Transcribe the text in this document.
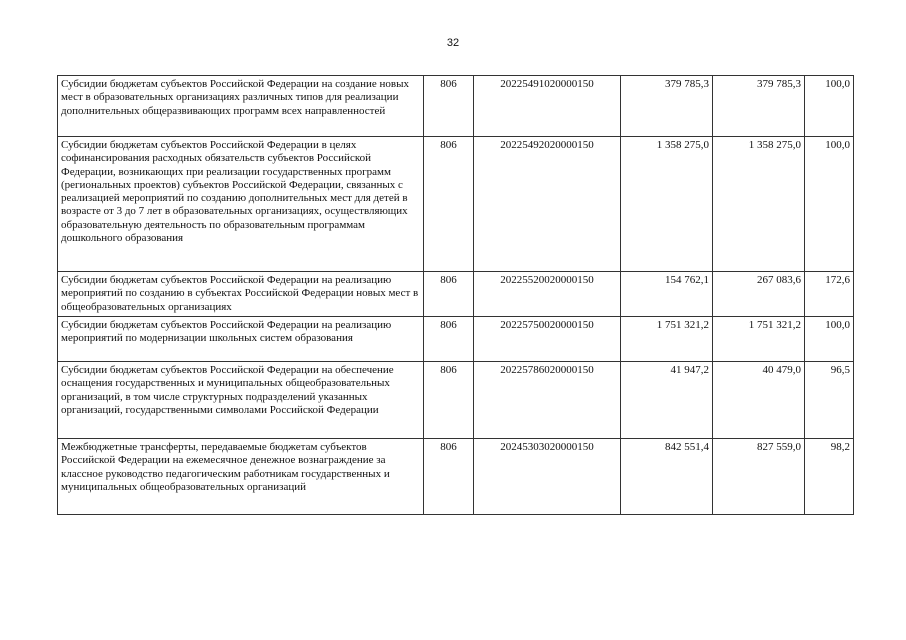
32
Субсидии бюджетам субъектов Российской Федерации на создание новых мест в образовательных организациях различных типов для реализации дополнительных общеразвивающих программ всех направленностей	806	20225491020000150	379 785,3	379 785,3	100,0
Субсидии бюджетам субъектов Российской Федерации в целях софинансирования расходных обязательств субъектов Российской Федерации, возникающих при реализации государственных программ (региональных проектов) субъектов Российской Федерации, связанных с реализацией мероприятий по созданию дополнительных мест для детей в возрасте от 3 до 7 лет в образовательных организациях, осуществляющих образовательную деятельность по образовательным программам дошкольного образования	806	20225492020000150	1 358 275,0	1 358 275,0	100,0
Субсидии бюджетам субъектов Российской Федерации на реализацию мероприятий по созданию в субъектах Российской Федерации новых мест в общеобразовательных организациях	806	20225520020000150	154 762,1	267 083,6	172,6
Субсидии бюджетам субъектов Российской Федерации на реализацию мероприятий по модернизации школьных систем образования	806	20225750020000150	1 751 321,2	1 751 321,2	100,0
Субсидии бюджетам субъектов Российской Федерации на обеспечение оснащения государственных и муниципальных общеобразовательных организаций, в том числе структурных подразделений указанных организаций, государственными символами Российской Федерации	806	20225786020000150	41 947,2	40 479,0	96,5
Межбюджетные трансферты, передаваемые бюджетам субъектов Российской Федерации на ежемесячное денежное вознаграждение за классное руководство педагогическим работникам государственных и муниципальных общеобразовательных организаций	806	20245303020000150	842 551,4	827 559,0	98,2
